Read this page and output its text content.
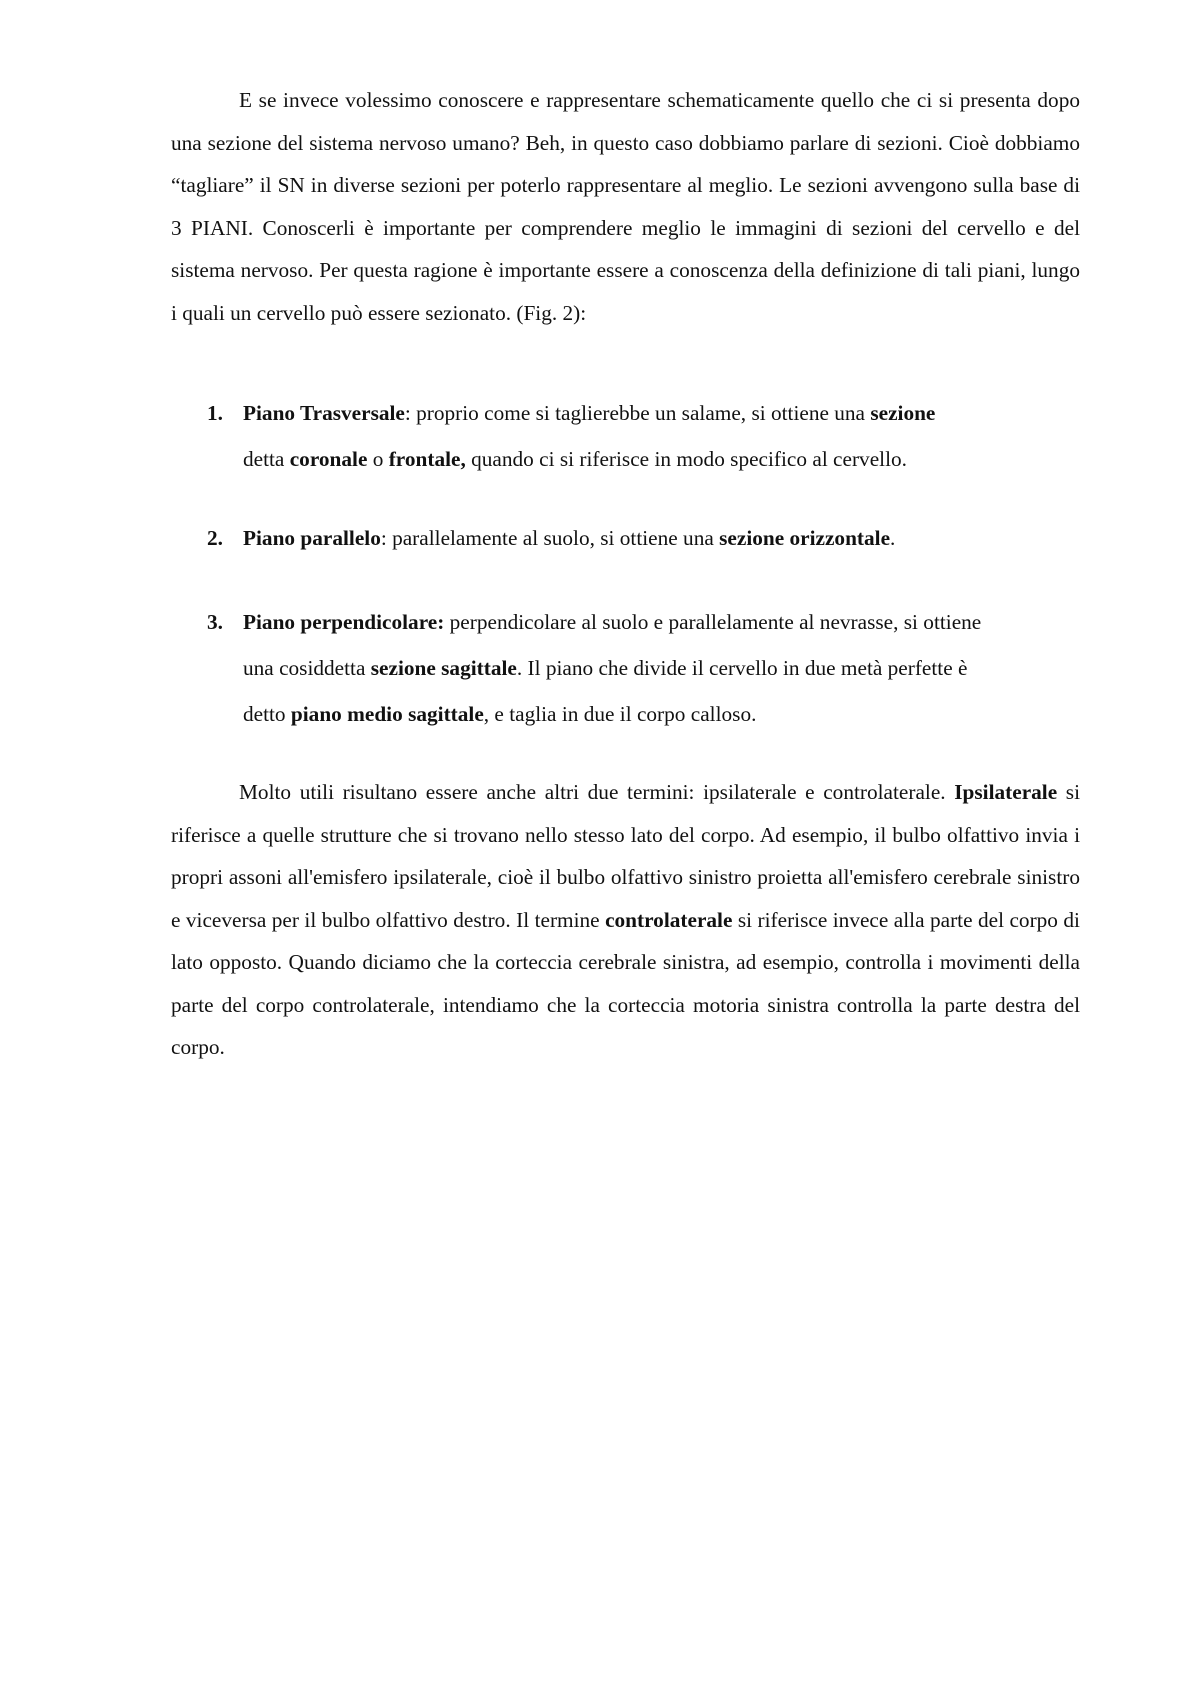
E se invece volessimo conoscere e rappresentare schematicamente quello che ci si presenta dopo una sezione del sistema nervoso umano? Beh, in questo caso dobbiamo parlare di sezioni. Cioè dobbiamo “tagliare” il SN in diverse sezioni per poterlo rappresentare al meglio. Le sezioni avvengono sulla base di 3 PIANI. Conoscerli è importante per comprendere meglio le immagini di sezioni del cervello e del sistema nervoso. Per questa ragione è importante essere a conoscenza della definizione di tali piani, lungo i quali un cervello può essere sezionato. (Fig. 2):

1. Piano Trasversale: proprio come si taglierebbe un salame, si ottiene una sezione
detta coronale o frontale, quando ci si riferisce in modo specifico al cervello.

2. Piano parallelo: parallelamente al suolo, si ottiene una sezione orizzontale.

3. Piano perpendicolare: perpendicolare al suolo e parallelamente al nevrasse, si ottiene una cosiddetta sezione sagittale. Il piano che divide il cervello in due metà perfette è detto piano medio sagittale, e taglia in due il corpo calloso.

Molto utili risultano essere anche altri due termini: ipsilaterale e controlaterale. Ipsilaterale si riferisce a quelle strutture che si trovano nello stesso lato del corpo. Ad esempio, il bulbo olfattivo invia i propri assoni all'emisfero ipsilaterale, cioè il bulbo olfattivo sinistro proietta all'emisfero cerebrale sinistro e viceversa per il bulbo olfattivo destro. Il termine controlaterale si riferisce invece alla parte del corpo di lato opposto. Quando diciamo che la corteccia cerebrale sinistra, ad esempio, controlla i movimenti della parte del corpo controlaterale, intendiamo che la corteccia motoria sinistra controlla la parte destra del corpo.
